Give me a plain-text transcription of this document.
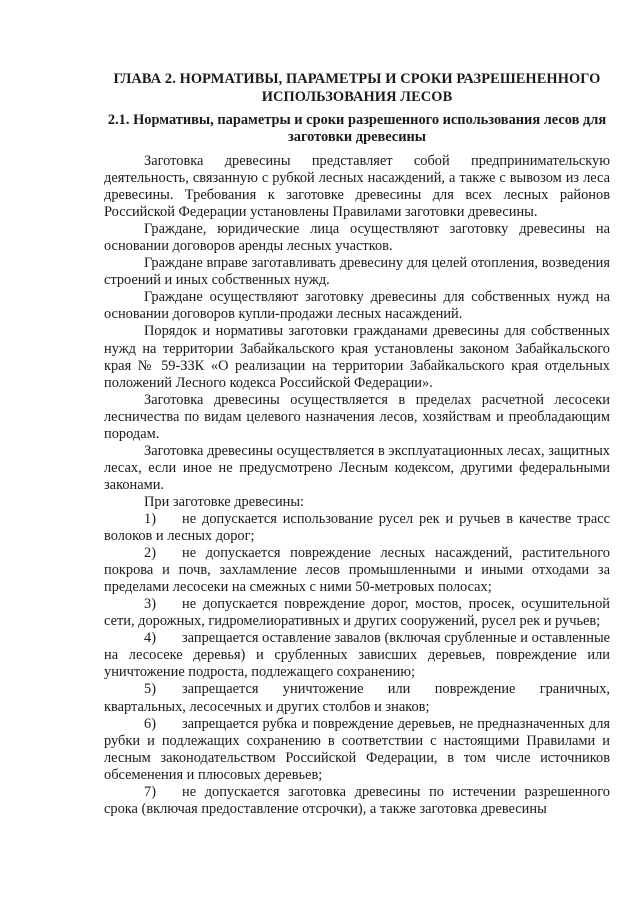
ГЛАВА 2. НОРМАТИВЫ, ПАРАМЕТРЫ И СРОКИ РАЗРЕШЕНЕННОГО ИСПОЛЬЗОВАНИЯ ЛЕСОВ
2.1. Нормативы, параметры и сроки разрешенного использования лесов для заготовки древесины

Заготовка древесины представляет собой предпринимательскую деятельность, связанную с рубкой лесных насаждений, а также с вывозом из леса древесины. Требования к заготовке древесины для всех лесных районов Российской Федерации установлены Правилами заготовки древесины.

Граждане, юридические лица осуществляют заготовку древесины на основании договоров аренды лесных участков.

Граждане вправе заготавливать древесину для целей отопления, возведения строений и иных собственных нужд.

Граждане осуществляют заготовку древесины для собственных нужд на основании договоров купли-продажи лесных насаждений.

Порядок и нормативы заготовки гражданами древесины для собственных нужд на территории Забайкальского края установлены законом Забайкальского края № 59-ЗЗК «О реализации на территории Забайкальского края отдельных положений Лесного кодекса Российской Федерации».

Заготовка древесины осуществляется в пределах расчетной лесосеки лесничества по видам целевого назначения лесов, хозяйствам и преобладающим породам.

Заготовка древесины осуществляется в эксплуатационных лесах, защитных лесах, если иное не предусмотрено Лесным кодексом, другими федеральными законами.

При заготовке древесины:

1) не допускается использование русел рек и ручьев в качестве трасс волоков и лесных дорог;

2) не допускается повреждение лесных насаждений, растительного покрова и почв, захламление лесов промышленными и иными отходами за пределами лесосеки на смежных с ними 50-метровых полосах;

3) не допускается повреждение дорог, мостов, просек, осушительной сети, дорожных, гидромелиоративных и других сооружений, русел рек и ручьев;

4) запрещается оставление завалов (включая срубленные и оставленные на лесосеке деревья) и срубленных зависших деревьев, повреждение или уничтожение подроста, подлежащего сохранению;

5) запрещается уничтожение или повреждение граничных, квартальных, лесосечных и других столбов и знаков;

6) запрещается рубка и повреждение деревьев, не предназначенных для рубки и подлежащих сохранению в соответствии с настоящими Правилами и лесным законодательством Российской Федерации, в том числе источников обсеменения и плюсовых деревьев;

7) не допускается заготовка древесины по истечении разрешенного срока (включая предоставление отсрочки), а также заготовка древесины
